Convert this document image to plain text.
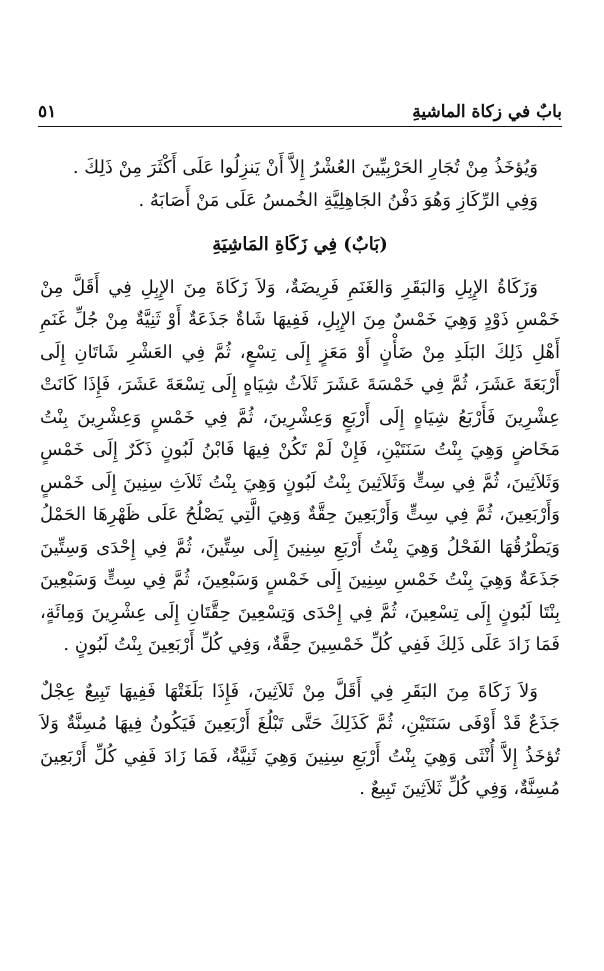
بابٌ في زكاة الماشيةِ
٥١

وَيُؤخَذُ مِنْ تُجَارِ الحَرْبِيِّينَ العُشْرُ إِلاَّ أَنْ يَنزِلُوا عَلَى أَكْثَرَ مِنْ ذَلِكَ .

وَفِي الرِّكَازِ وَهُوَ دَفْنُ الجَاهِلِيَّةِ الخُمسُ عَلَى مَنْ أَصَابَهُ .

(بَابٌ) فِي زَكَاةِ المَاشِيَةِ

وَزَكَاةُ الإِبِلِ وَالبَقَرِ وَالغَنَمِ فَرِيضَةٌ، وَلاَ زَكَاةَ مِنَ الإِبِلِ فِي أَقَلَّ مِنْ خَمْسِ ذَوْدٍ وَهِيَ خَمْسٌ مِنَ الإِبِلِ، فَفِيهَا شَاةٌ جَذَعَةٌ أَوْ ثَنِيَّةٌ مِنْ جُلِّ غَنَمِ أَهْلِ ذَلِكَ البَلَدِ مِنْ ضَأْنٍ أَوْ مَعَزٍ إِلَى تِسْعٍ، ثُمَّ فِي العَشْرِ شَاتَانِ إِلَى أَرْبَعَةَ عَشَرَ، ثُمَّ فِي خَمْسَةَ عَشَرَ ثَلاَثُ شِيَاهٍ إِلَى تِسْعَةَ عَشَرَ، فَإِذَا كَانَتْ عِشْرِينَ فَأَرْبَعُ شِيَاهٍ إِلَى أَرْبَعٍ وَعِشْرِينَ، ثُمَّ فِي خَمْسٍ وَعِشْرِينَ بِنْتُ مَخَاضٍ وَهِيَ بِنْتُ سَنَتَيْنِ، فَإِنْ لَمْ تَكُنْ فِيهَا فَابْنُ لَبُونٍ ذَكَرٌ إِلَى خَمْسٍ وَثَلاَثِينَ، ثُمَّ فِي سِتٍّ وَثَلاَثِينَ بِنْتُ لَبُونٍ وَهِيَ بِنْتُ ثَلاَثِ سِنِينَ إِلَى خَمْسٍ وَأَرْبَعِينَ، ثُمَّ فِي سِتٍّ وَأَرْبَعِينَ حِقَّةٌ وَهِيَ الَّتِي يَصْلُحُ عَلَى ظَهْرِهَا الحَمْلُ وَيَطْرُقُهَا الفَحْلُ وَهِيَ بِنْتُ أَرْبَعِ سِنِينَ إِلَى سِتِّينَ، ثُمَّ فِي إِحْدَى وَسِتِّينَ جَذَعَةٌ وَهِيَ بِنْتُ خَمْسِ سِنِينَ إِلَى خَمْسٍ وَسَبْعِينَ، ثُمَّ فِي سِتٍّ وَسَبْعِينَ بِنْتَا لَبُونٍ إِلَى تِسْعِينَ، ثُمَّ فِي إِحْدَى وَتِسْعِينَ حِقَّتَانِ إِلَى عِشْرِينَ وَمِائَةٍ، فَمَا زَادَ عَلَى ذَلِكَ فَفِي كُلِّ خَمْسِينَ حِقَّةٌ، وَفِي كُلِّ أَرْبَعِينَ بِنْتُ لَبُونٍ .

وَلاَ زَكَاةَ مِنَ البَقَرِ فِي أَقَلَّ مِنْ ثَلاَثِينَ، فَإِذَا بَلَغَتْهَا فَفِيهَا تَبِيعٌ عِجْلٌ جَذَعٌ قَدْ أَوْفَى سَنَتَيْنِ، ثُمَّ كَذَلِكَ حَتَّى تَبْلُغَ أَرْبَعِينَ فَيَكُونُ فِيهَا مُسِنَّةٌ وَلاَ تُؤخَذُ إِلاَّ أُنْثَى وَهِيَ بِنْتُ أَرْبَعِ سِنِينَ وَهِيَ ثَنِيَّةٌ، فَمَا زَادَ فَفِي كُلِّ أَرْبَعِينَ مُسِنَّةٌ، وَفِي كُلِّ ثَلاَثِينَ تَبِيعٌ .
